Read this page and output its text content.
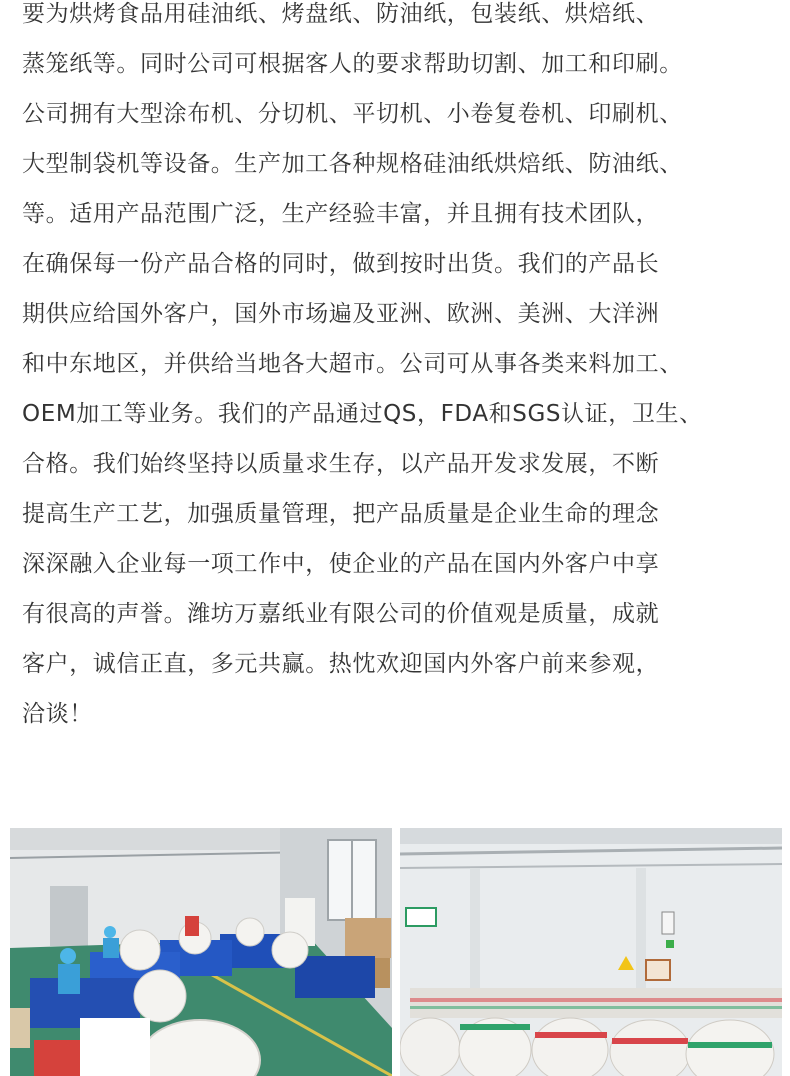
要为烘烤食品用硅油纸、烤盘纸、防油纸，包装纸、烘焙纸、
蒸笼纸等。同时公司可根据客人的要求帮助切割、加工和印刷。
公司拥有大型涂布机、分切机、平切机、小卷复卷机、印刷机、
大型制袋机等设备。生产加工各种规格硅油纸烘焙纸、防油纸、
等。适用产品范围广泛，生产经验丰富，并且拥有技术团队，
在确保每一份产品合格的同时，做到按时出货。我们的产品长
期供应给国外客户，国外市场遍及亚洲、欧洲、美洲、大洋洲
和中东地区，并供给当地各大超市。公司可从事各类来料加工、
OEM加工等业务。我们的产品通过QS，FDA和SGS认证，卫生、
合格。我们始终坚持以质量求生存，以产品开发求发展，不断
提高生产工艺，加强质量管理，把产品质量是企业生命的理念
深深融入企业每一项工作中，使企业的产品在国内外客户中享
有很高的声誉。潍坊万嘉纸业有限公司的价值观是质量，成就
客户，诚信正直，多元共赢。热忱欢迎国内外客户前来参观，
洽谈！
